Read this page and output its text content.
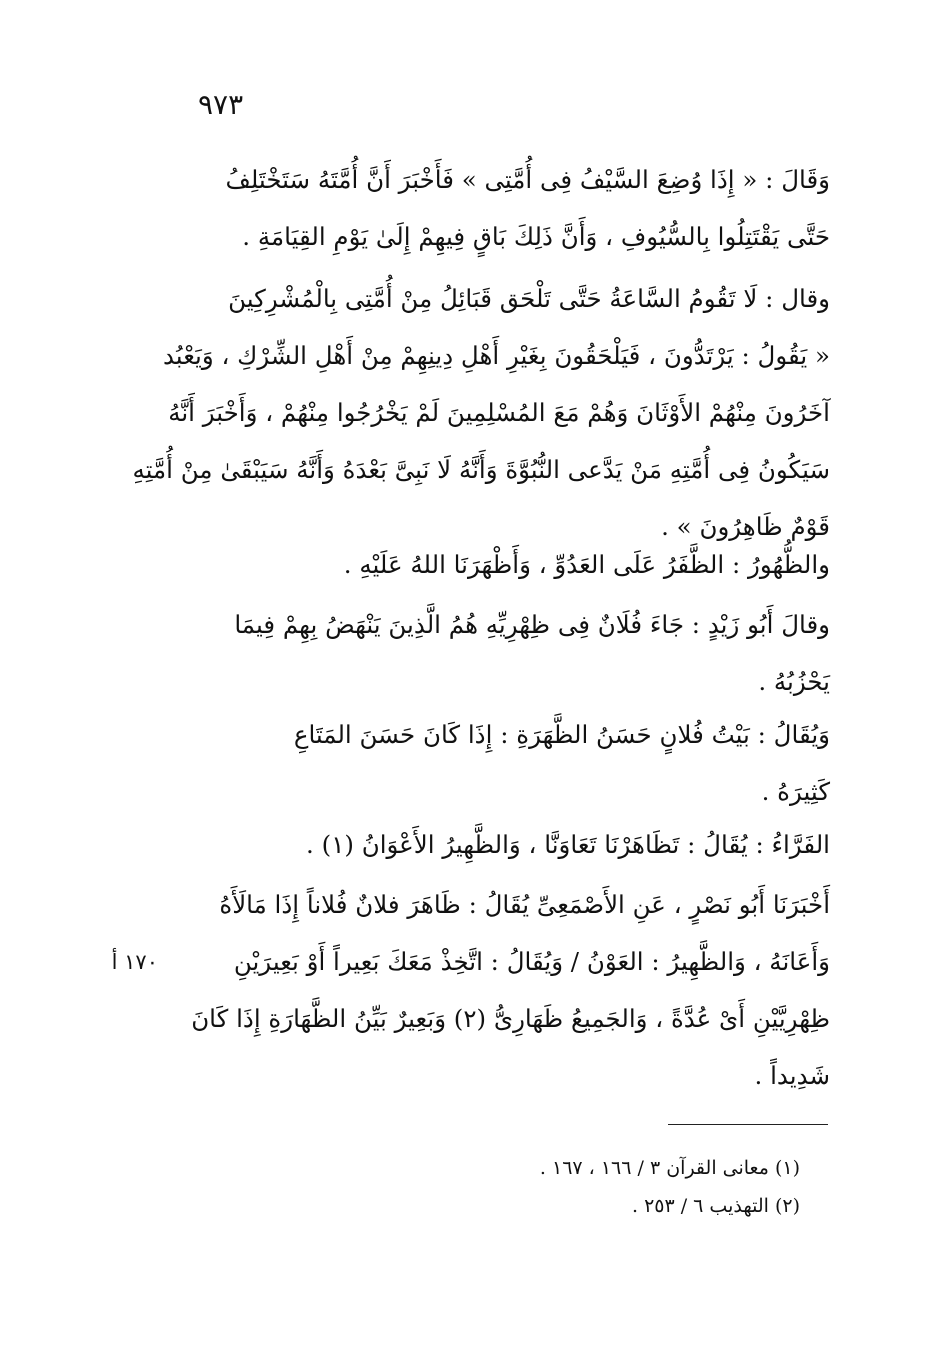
٩٧٣
وَقَالَ : « إِذَا وُضِعَ السَّيْفُ فِى أُمَّتِى » فَأَخْبَرَ أَنَّ أُمَّتَهُ سَتَخْتَلِفُ
حَتَّى يَقْتَتِلُوا بِالسُّيُوفِ ، وَأَنَّ ذَلِكَ بَاقٍ فِيهِمْ إِلَىٰ يَوْمِ القِيَامَةِ .
وقال : لَا تَقُومُ السَّاعَةُ حَتَّى تَلْحَق قَبَائِلُ مِنْ أُمَّتِى بِالْمُشْرِكِينَ
« يَقُولُ : يَرْتَدُّونَ ، فَيَلْحَقُونَ بِغَيْرِ أَهْلِ دِينِهِمْ مِنْ أَهْلِ الشِّرْكِ ، وَيَعْبُد
آخَرُونَ مِنْهُمْ الأَوْثَانَ وَهُمْ مَعَ المُسْلِمِينَ لَمْ يَخْرُجُوا مِنْهُمْ ، وَأَخْبَرَ أَنَّهُ
سَيَكُونُ فِى أُمَّتِهِ مَنْ يَدَّعى النُّبُوَّةَ وَأَنَّهُ لَا نَبِىَّ بَعْدَهُ وَأَنَّهُ سَيَبْقَىٰ مِنْ أُمَّتِهِ
قَوْمٌ ظَاهِرُونَ » .
والظُّهُورُ : الظَّفَرُ عَلَى العَدُوِّ ، وَأَظْهَرَنَا اللهُ عَلَيْهِ .
وقالَ أَبُو زَيْدٍ : جَاءَ فُلَانٌ فِى ظِهْرِيِّهِ هُمُ الَّذِينَ يَنْهَضُ بِهِمْ فِيمَا
يَحْزُبُهُ .
وَيُقَالُ : بَيْتُ فُلانٍ حَسَنُ الظَّهَرَةِ : إِذَا كَانَ حَسَنَ المَتَاعِ
كَثِيرَهُ .
الفَرَّاءُ : يُقَالُ : تَظَاهَرْنَا تَعَاوَنَّا ، وَالظَّهِيرُ الأَعْوَانُ (١) .
أَخْبَرَنَا أَبُو نَصْرٍ ، عَنِ الأَصْمَعِىِّ يُقَالُ : ظَاهَرَ فلانٌ فُلاناً إِذَا مَالَأَهُ
وَأَعَانَهُ ، وَالظَّهِيرُ : العَوْنُ / وَيُقَالُ : اتَّخِذْ مَعَكَ بَعِيراً أَوْ بَعِيرَيْنِ
ظِهْرِيَّيْنِ أَىْ عُدَّةً ، وَالجَمِيعُ ظَهَارِىُّ (٢) وَبَعِيرٌ بَيِّنُ الظَّهَارَةِ إِذَا كَانَ
شَدِيداً .
١٧٠ أ
(١) معانى القرآن ٣ / ١٦٦ ، ١٦٧ .
(٢) التهذيب ٦ / ٢٥٣ .
